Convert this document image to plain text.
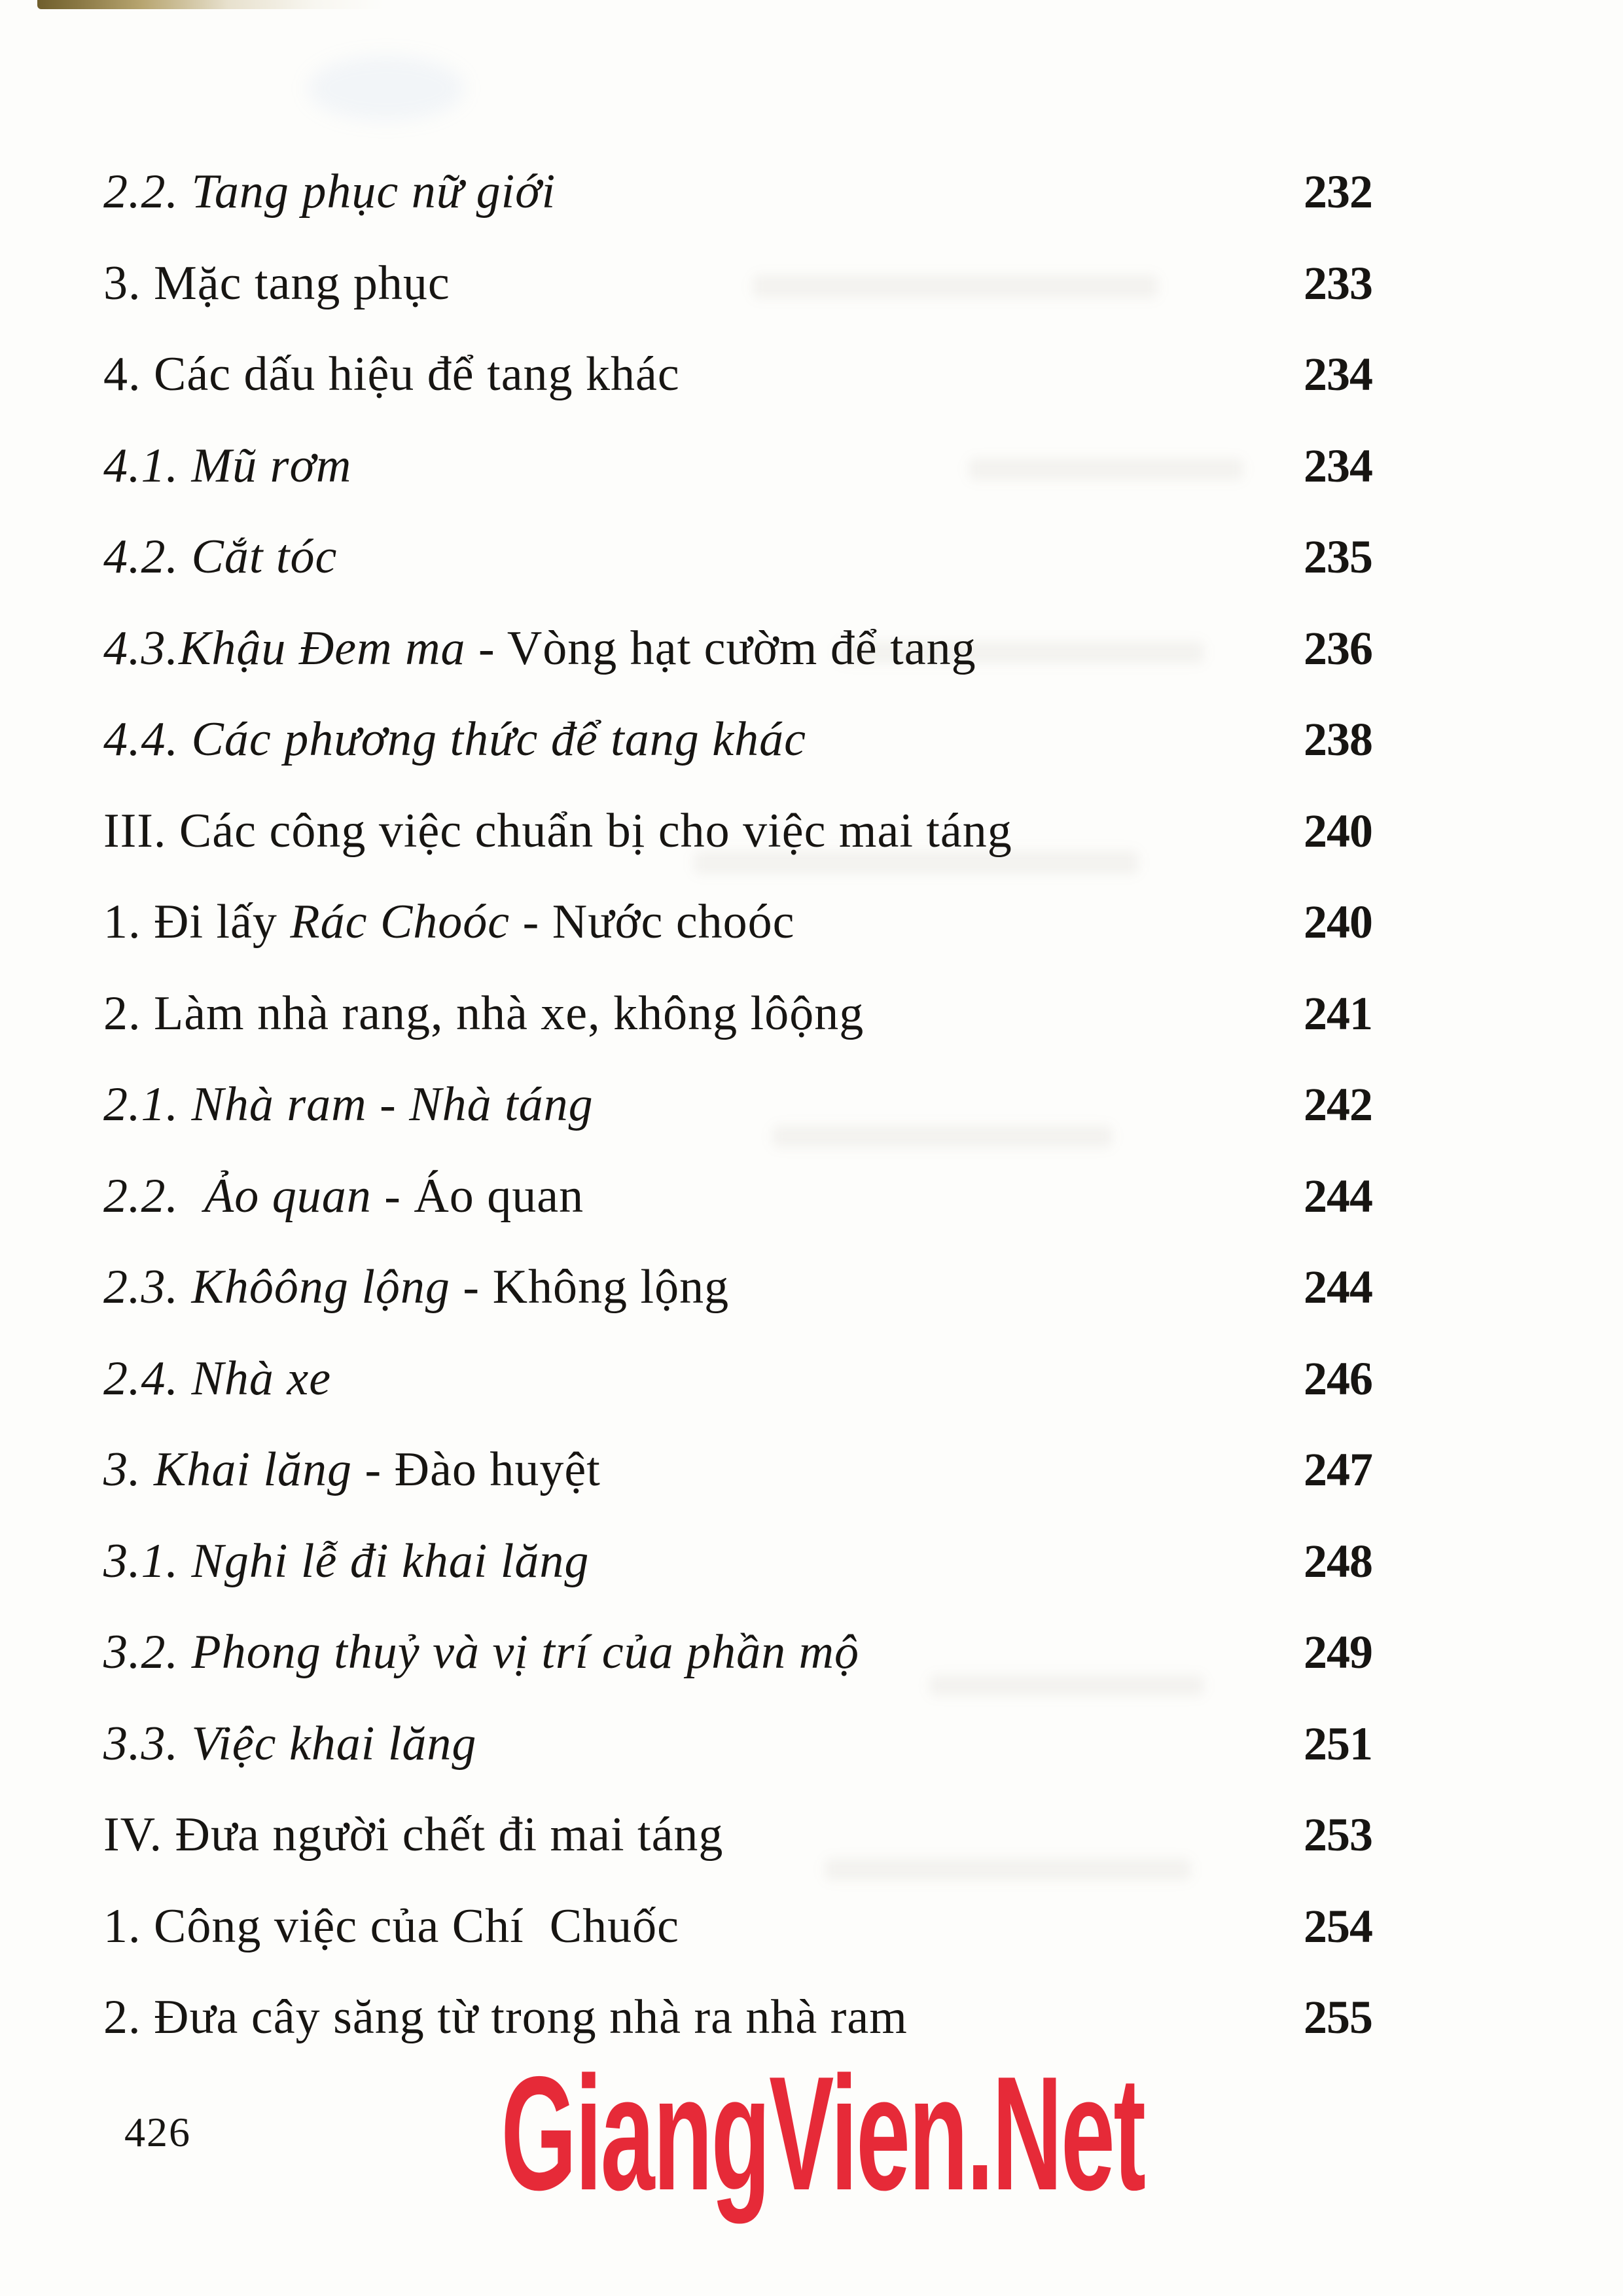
2.2. Tang phục nữ giới	232
3. Mặc tang phục	233
4. Các dấu hiệu để tang khác	234
4.1. Mũ rơm	234
4.2. Cắt tóc	235
4.3.Khậu Đem ma - Vòng hạt cườm để tang	236
4.4. Các phương thức để tang khác	238
III. Các công việc chuẩn bị cho việc mai táng	240
1. Đi lấy Rác Choóc - Nước choóc	240
2. Làm nhà rang, nhà xe, không lôộng	241
2.1. Nhà ram - Nhà táng	242
2.2.  Ảo quan - Áo quan	244
2.3. Khôông lộng - Không lộng	244
2.4. Nhà xe	246
3. Khai lăng - Đào huyệt	247
3.1. Nghi lễ đi khai lăng	248
3.2. Phong thuỷ và vị trí của phần mộ	249
3.3. Việc khai lăng	251
IV. Đưa người chết đi mai táng	253
1. Công việc của Chí  Chuốc	254
2. Đưa cây săng từ trong nhà ra nhà ram	255
426 GiangVien.Net
